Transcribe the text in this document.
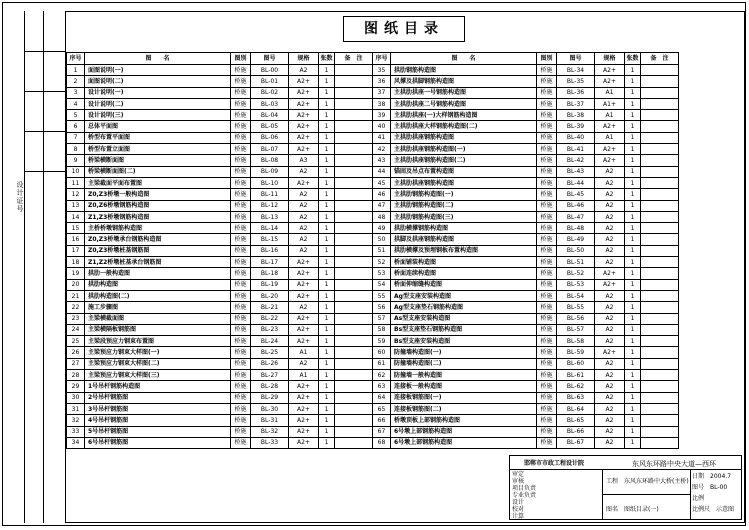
设计证号
图纸目录
序号	图　　名	图别	图号	规格	张数	备　注
1	面图说明(一)	桥施	BL-00	A2	1	
2	面图说明(二)	桥施	BL-01	A2+	1	
3	设计说明(一)	桥施	BL-02	A2+	1	
4	设计说明(二)	桥施	BL-03	A2+	1	
5	设计说明(三)	桥施	BL-04	A2+	1	
6	总体平面图	桥施	BL-05	A2+	1	
7	桥型布置平面图	桥施	BL-06	A2+	1	
8	桥型布置立面图	桥施	BL-07	A2+	1	
9	桥梁横断面图	桥施	BL-08	A3	1	
10	桥梁横断面图(二)	桥施	BL-09	A2	1	
11	主梁截面平面布置图	桥施	BL-10	A2+	1	
12	Z0,Z3桥墩一般构造图	桥施	BL-11	A2	1	
13	Z0,Z6桥墩钢筋构造图	桥施	BL-12	A2	1	
14	Z1,Z3桥墩钢筋构造图	桥施	BL-13	A2	1	
15	主桥桥墩钢筋构造图	桥施	BL-14	A2	1	
16	Z0,Z3桥墩承台钢筋构造图	桥施	BL-15	A2	1	
17	Z0,Z3桥墩桩基钢筋图	桥施	BL-16	A2	1	
18	Z1,Z2桥墩桩基承台钢筋图	桥施	BL-17	A2+	1	
19	拱肋一般构造图	桥施	BL-18	A2+	1	
20	拱肋构造图	桥施	BL-19	A2+	1	
21	拱肋构造图(二)	桥施	BL-20	A2+	1	
22	施工步骤图	桥施	BL-21	A2	1	
23	主梁横截面图	桥施	BL-22	A2+	1	
24	主梁横隔板钢筋图	桥施	BL-23	A2+	1	
25	主梁段预应力钢束布置图	桥施	BL-24	A2+	1	
26	主梁预应力钢束大样图(一)	桥施	BL-25	A1	1	
27	主梁预应力钢束大样图(二)	桥施	BL-26	A2	1	
28	主梁预应力钢束大样图(三)	桥施	BL-27	A1	1	
29	1号吊杆钢筋构造图	桥施	BL-28	A2+	1	
30	2号吊杆钢筋图	桥施	BL-29	A2+	1	
31	3号吊杆钢筋图	桥施	BL-30	A2+	1	
32	4号吊杆钢筋图	桥施	BL-31	A2+	1	
33	5号吊杆钢筋图	桥施	BL-32	A2+	1	
34	6号吊杆钢筋图	桥施	BL-33	A2+	1	
序号	图　　名	图别	图号	规格	张数	备　注
35	拱肋钢筋构造图	桥施	BL-34	A2+	1	
36	风撑及拱脚钢筋构造图	桥施	BL-35	A2+	1	
37	主拱肋拱座一号钢筋构造图	桥施	BL-36	A1	1	
38	主拱肋拱座二号钢筋构造图	桥施	BL-37	A1+	1	
39	主拱肋拱座(一)大样钢筋构造图	桥施	BL-38	A1	1	
40	主拱肋拱座大样钢筋构造图(二)	桥施	BL-39	A2+	1	
41	主拱肋拱座钢筋构造图	桥施	BL-40	A1	1	
42	主拱肋拱座钢筋构造图(一)	桥施	BL-41	A2+	1	
43	主拱肋拱座钢筋构造图(二)	桥施	BL-42	A2+	1	
44	锚固及吊点布置构造图	桥施	BL-43	A2	1	
45	主拱肋拱座钢筋构造图	桥施	BL-44	A2	1	
46	主拱肋钢筋构造图(一)	桥施	BL-45	A2	1	
47	主拱肋钢筋构造图(二)	桥施	BL-46	A2	1	
48	主拱肋钢筋构造图(三)	桥施	BL-47	A2	1	
49	拱肋横撑钢筋构造图	桥施	BL-48	A2	1	
50	拱脚及拱座钢筋构造图	桥施	BL-49	A2	1	
51	拱肋横撑及预埋钢板布置构造图	桥施	BL-50	A2	1	
52	桥面铺装构造图	桥施	BL-51	A2	1	
53	桥面连续构造图	桥施	BL-52	A2+	1	
54	桥面伸缩缝构造图	桥施	BL-53	A2+	1	
55	Ag型支座安装构造图	桥施	BL-54	A2	1	
56	Ag型支座垫石钢筋构造图	桥施	BL-55	A2	1	
57	As型支座安装构造图	桥施	BL-56	A2	1	
58	Bs型支座垫石钢筋构造图	桥施	BL-57	A2	1	
59	Bs型支座安装构造图	桥施	BL-58	A2	1	
60	防撞墙构造图(一)	桥施	BL-59	A2+	1	
61	防撞墙构造图(二)	桥施	BL-60	A2	1	
62	防撞墙一般构造图	桥施	BL-61	A2	1	
63	连接板一般构造图	桥施	BL-62	A2	1	
64	连接板钢筋图(一)	桥施	BL-63	A2	1	
65	连接板钢筋图(二)	桥施	BL-64	A2	1	
66	桥墩顶板上部钢筋构造图	桥施	BL-65	A2	1	
67	6号墩上部钢筋构造图	桥施	BL-66	A2	1	
68	6号墩上部钢筋构造图	桥施	BL-67	A2	1	
邯郸市市政工程设计院	东风东环路中央大道—西环
审定
审核
项目负责
专业负责
设计
校对
计算
工程 东风东环路中大桥(主桥)
图名 图纸目录(一)
日期 2004.7
图号 BL-00
比例
比例尺 示意图
